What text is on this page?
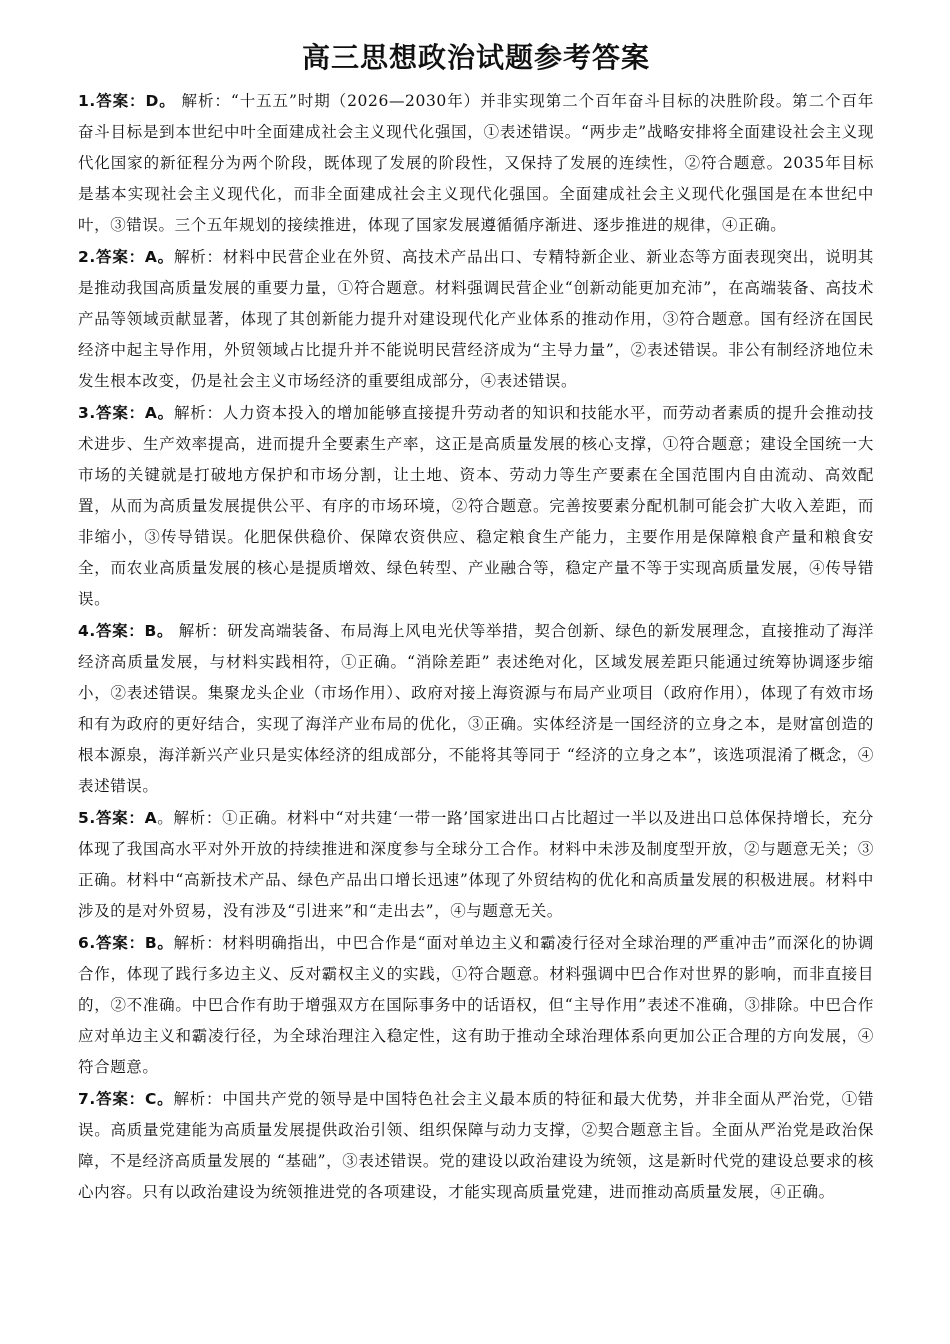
高三思想政治试题参考答案

1.答案：D。 解析：“十五五”时期（2026—2030年）并非实现第二个百年奋斗目标的决胜阶段。第二个百年奋斗目标是到本世纪中叶全面建成社会主义现代化强国，①表述错误。“两步走”战略安排将全面建设社会主义现代化国家的新征程分为两个阶段，既体现了发展的阶段性，又保持了发展的连续性，②符合题意。2035年目标是基本实现社会主义现代化，而非全面建成社会主义现代化强国。全面建成社会主义现代化强国是在本世纪中叶，③错误。三个五年规划的接续推进，体现了国家发展遵循循序渐进、逐步推进的规律，④正确。

2.答案：A。解析：材料中民营企业在外贸、高技术产品出口、专精特新企业、新业态等方面表现突出，说明其是推动我国高质量发展的重要力量，①符合题意。材料强调民营企业“创新动能更加充沛”，在高端装备、高技术产品等领域贡献显著，体现了其创新能力提升对建设现代化产业体系的推动作用，③符合题意。国有经济在国民经济中起主导作用，外贸领域占比提升并不能说明民营经济成为“主导力量”，②表述错误。非公有制经济地位未发生根本改变，仍是社会主义市场经济的重要组成部分，④表述错误。

3.答案：A。解析：人力资本投入的增加能够直接提升劳动者的知识和技能水平，而劳动者素质的提升会推动技术进步、生产效率提高，进而提升全要素生产率，这正是高质量发展的核心支撑，①符合题意；建设全国统一大市场的关键就是打破地方保护和市场分割，让土地、资本、劳动力等生产要素在全国范围内自由流动、高效配置，从而为高质量发展提供公平、有序的市场环境，②符合题意。完善按要素分配机制可能会扩大收入差距，而非缩小，③传导错误。化肥保供稳价、保障农资供应、稳定粮食生产能力，主要作用是保障粮食产量和粮食安全，而农业高质量发展的核心是提质增效、绿色转型、产业融合等，稳定产量不等于实现高质量发展，④传导错误。

4.答案：B。 解析：研发高端装备、布局海上风电光伏等举措，契合创新、绿色的新发展理念，直接推动了海洋经济高质量发展，与材料实践相符，①正确。“消除差距” 表述绝对化，区域发展差距只能通过统筹协调逐步缩小，②表述错误。集聚龙头企业（市场作用）、政府对接上海资源与布局产业项目（政府作用），体现了有效市场和有为政府的更好结合，实现了海洋产业布局的优化，③正确。实体经济是一国经济的立身之本，是财富创造的根本源泉，海洋新兴产业只是实体经济的组成部分，不能将其等同于 “经济的立身之本”，该选项混淆了概念，④表述错误。

5.答案：A。解析：①正确。材料中“对共建‘一带一路’国家进出口占比超过一半以及进出口总体保持增长，充分体现了我国高水平对外开放的持续推进和深度参与全球分工合作。材料中未涉及制度型开放，②与题意无关；③正确。材料中“高新技术产品、绿色产品出口增长迅速”体现了外贸结构的优化和高质量发展的积极进展。材料中涉及的是对外贸易，没有涉及“引进来”和“走出去”，④与题意无关。

6.答案：B。解析：材料明确指出，中巴合作是“面对单边主义和霸凌行径对全球治理的严重冲击”而深化的协调合作，体现了践行多边主义、反对霸权主义的实践，①符合题意。材料强调中巴合作对世界的影响，而非直接目的，②不准确。中巴合作有助于增强双方在国际事务中的话语权，但“主导作用”表述不准确，③排除。中巴合作应对单边主义和霸凌行径，为全球治理注入稳定性，这有助于推动全球治理体系向更加公正合理的方向发展，④符合题意。

7.答案：C。解析：中国共产党的领导是中国特色社会主义最本质的特征和最大优势，并非全面从严治党，①错误。高质量党建能为高质量发展提供政治引领、组织保障与动力支撑，②契合题意主旨。全面从严治党是政治保障，不是经济高质量发展的 “基础”，③表述错误。党的建设以政治建设为统领，这是新时代党的建设总要求的核心内容。只有以政治建设为统领推进党的各项建设，才能实现高质量党建，进而推动高质量发展，④正确。
